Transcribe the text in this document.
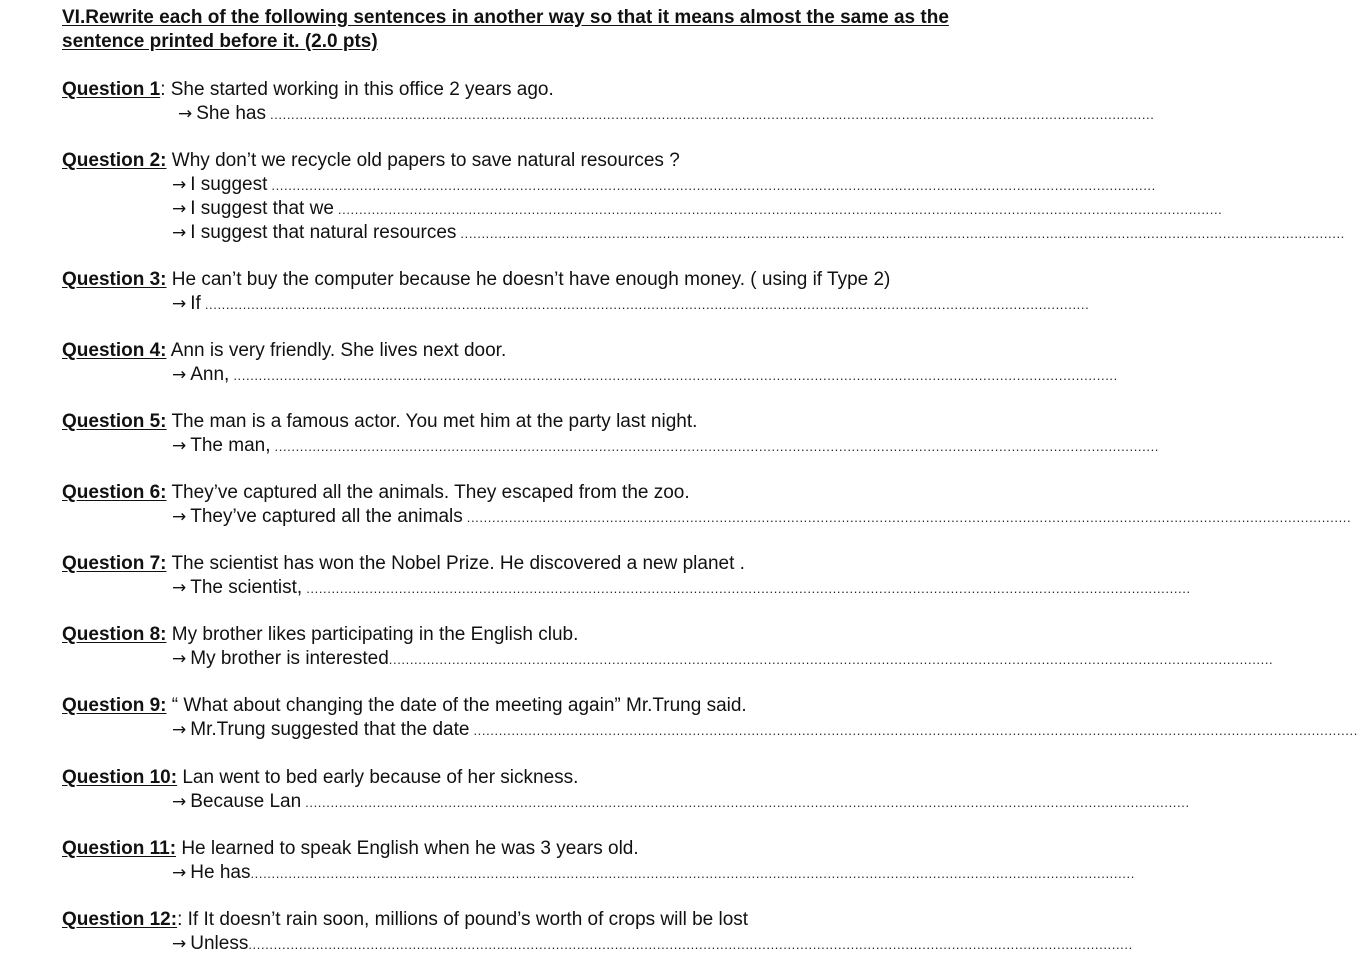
VI.Rewrite each of the following sentences in another way so that it means almost the same as the sentence printed before it. (2.0 pts)
Question 1: She started working in this office 2 years ago.
→ She has ..................................................................................................................................................................................................................
Question 2: Why don’t we recycle old papers to save natural resources ?
→ I suggest ..................................................................................................................................................................................................................
→ I suggest that we ..................................................................................................................................................................................................................
→ I suggest that natural resources ..................................................................................................................................................................................................................
Question 3: He can’t buy the computer because he doesn’t have enough money. ( using if Type 2)
→ If ..................................................................................................................................................................................................................
Question 4: Ann is very friendly. She lives next door.
→ Ann, ..................................................................................................................................................................................................................
Question 5: The man is a famous actor. You met him at the party last night.
→ The man, ..................................................................................................................................................................................................................
Question 6: They’ve captured all the animals. They escaped from the zoo.
→ They’ve captured all the animals ..................................................................................................................................................................................................................
Question 7: The scientist has won the Nobel Prize. He discovered a new planet .
→ The scientist, ..................................................................................................................................................................................................................
Question 8: My brother likes participating in the English club.
→ My brother is interested ..................................................................................................................................................................................................................
Question 9: “ What about changing the date of the meeting again” Mr.Trung said.
→ Mr.Trung suggested that the date ..................................................................................................................................................................................................................
Question 10: Lan went to bed early because of her sickness.
→ Because Lan ..................................................................................................................................................................................................................
Question 11: He learned to speak English when he was 3 years old.
→ He has ..................................................................................................................................................................................................................
Question 12:: If It doesn’t rain soon, millions of pound’s worth of crops will be lost
→ Unless ..................................................................................................................................................................................................................
